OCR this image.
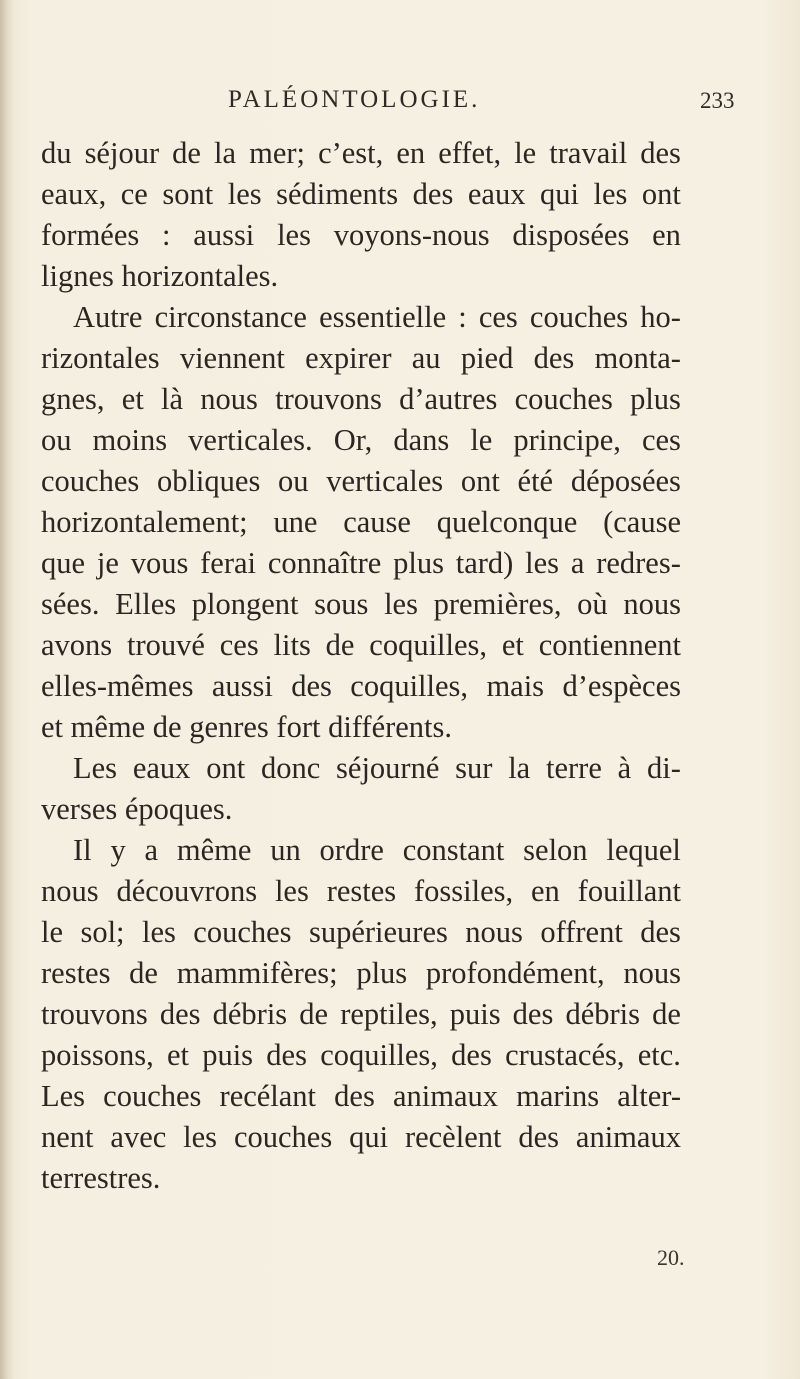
PALÉONTOLOGIE.	233
du séjour de la mer; c’est, en effet, le travail des
eaux, ce sont les sédiments des eaux qui les ont
formées : aussi les voyons-nous disposées en
lignes horizontales.
Autre circonstance essentielle : ces couches ho-
rizontales viennent expirer au pied des monta-
gnes, et là nous trouvons d’autres couches plus
ou moins verticales. Or, dans le principe, ces
couches obliques ou verticales ont été déposées
horizontalement; une cause quelconque (cause
que je vous ferai connaître plus tard) les a redres-
sées. Elles plongent sous les premières, où nous
avons trouvé ces lits de coquilles, et contiennent
elles-mêmes aussi des coquilles, mais d’espèces
et même de genres fort différents.
Les eaux ont donc séjourné sur la terre à di-
verses époques.
Il y a même un ordre constant selon lequel
nous découvrons les restes fossiles, en fouillant
le sol; les couches supérieures nous offrent des
restes de mammifères; plus profondément, nous
trouvons des débris de reptiles, puis des débris de
poissons, et puis des coquilles, des crustacés, etc.
Les couches recélant des animaux marins alter-
nent avec les couches qui recèlent des animaux
terrestres.
20.
